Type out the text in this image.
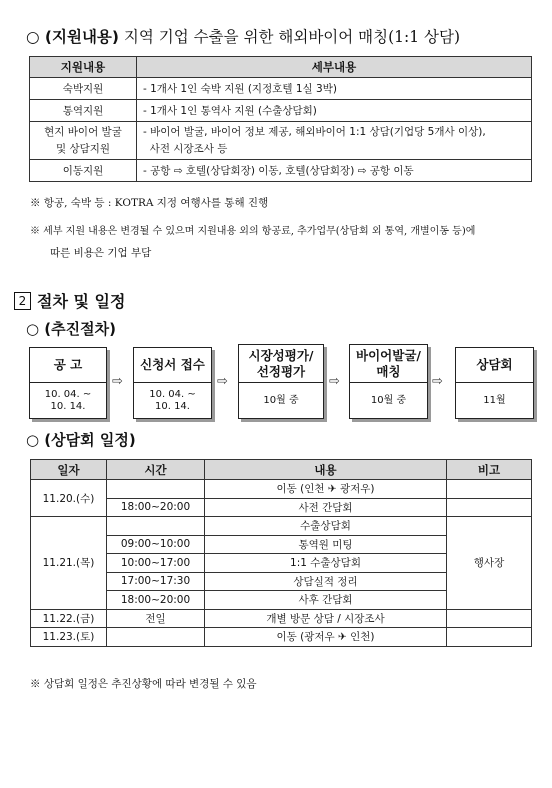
○ (지원내용) 지역 기업 수출을 위한 해외바이어 매칭(1:1 상담)
지원내용	세부내용
숙박지원	- 1개사 1인 숙박 지원 (지정호텔 1실 3박)
통역지원	- 1개사 1인 통역사 지원 (수출상담회)
현지 바이어 발굴
및 상담지원	- 바이어 발굴, 바이어 정보 제공, 해외바이어 1:1 상담(기업당 5개사 이상),
사전 시장조사 등
이동지원	- 공항 ⇨ 호텔(상담회장) 이동, 호텔(상담회장) ⇨ 공항 이동
※ 항공, 숙박 등 : KOTRA 지정 여행사를 통해 진행
※ 세부 지원 내용은 변경될 수 있으며 지원내용 외의 항공료, 추가업무(상담회 외 통역, 개별이동 등)에
따른 비용은 기업 부담
2 절차 및 일정
○ (추진절차)
공 고
10. 04. ~
10. 14.
⇨
신청서 접수
10. 04. ~
10. 14.
⇨
시장성평가/
선정평가
10월 중
⇨
바이어발굴/
매칭
10월 중
⇨
상담회
11월
○ (상담회 일정)
일자	시간	내용	비고
11.20.(수)		이동 (인천 ✈ 광저우)	
	18:00~20:00	사전 간담회	
11.21.(목)		수출상담회	행사장
	09:00~10:00	통역원 미팅	
	10:00~17:00	1:1 수출상담회	
	17:00~17:30	상담실적 정리	
	18:00~20:00	사후 간담회	
11.22.(금)	전일	개별 방문 상담 / 시장조사	
11.23.(토)		이동 (광저우 ✈ 인천)	
※ 상담회 일정은 추진상황에 따라 변경될 수 있음
